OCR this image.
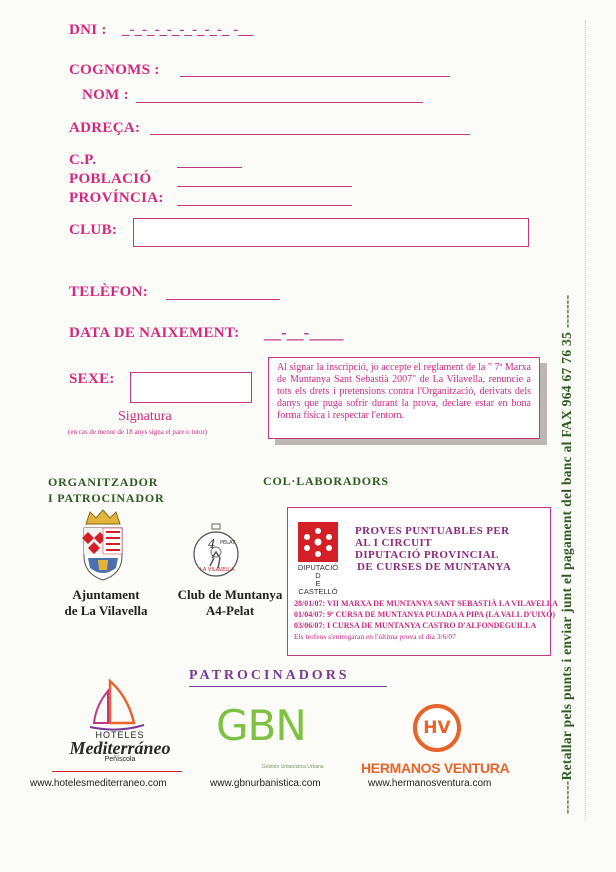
DNI : _-_-_-_-_-_-_-_-_ -__
COGNOMS :
NOM :
ADREÇA:
C.P.
POBLACIÓ
PROVÍNCIA:
CLUB:
TELÈFON:
DATA DE NAIXEMENT: __-__-____
SEXE:
Signatura
(en cas de menor de 18 anys signa el pare o tutor)
Al signar la inscripció, jo accepte el reglament de la " 7ª Marxa de Muntanya Sant Sebastià 2007" de La Vilavella, renuncie a tots els drets i pretensions contra l'Organització, derivats dels danys que puga sofrir durant la prova, declare estar en bona forma física i respectar l'entorn.
ORGANITZADOR
I PATROCINADOR
Ajuntament
de La Vilavella
4 PELAT
LA VILAVELLA
Club de Muntanya
A4-Pelat
COL·LABORADORS
DIPUTACIÓ
D
E
CASTELLÓ
PROVES PUNTUABLES PER
AL I CIRCUIT
DIPUTACIÓ PROVINCIAL
DE CURSES DE MUNTANYA
28/01/07: VII MARXA DE MUNTANYA SANT SEBASTIÀ LA VILAVELLA
01/04/07: 9ª CURSA DE MUNTANYA PUJADA A PIPA (LA VALL D'UIXÓ)
03/06/07: I CURSA DE MUNTANYA CASTRO D'ALFONDEGUILLA
Els trofeus s'entregaran en l'última prova el dia 3/6/07
PATROCINADORS
HOTELES
Mediterráneo
Peñíscola
www.hotelesmediterraneo.com
GBN
Gestión Urbanística Urbana
www.gbnurbanistica.com
HV
HERMANOS VENTURA
www.hermanosventura.com	-------Retallar pels punts i enviar junt el pagament del banc al FAX 964 67 76 35 -------
